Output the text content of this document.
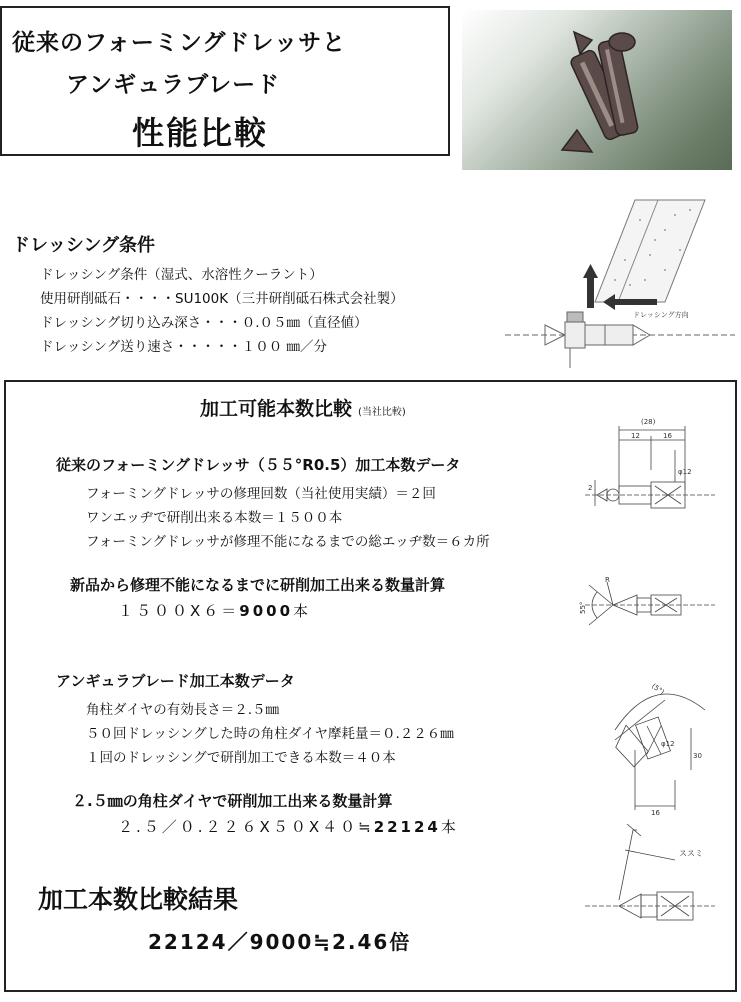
従来のフォーミングドレッサと
アンギュラブレード
性能比較
ドレッシング条件
ドレッシング条件（湿式、水溶性クーラント）
使用研削砥石・・・・SU100K（三井研削砥石株式会社製）
ドレッシング切り込み深さ・・・０.０５㎜（直径値）
ドレッシング送り速さ・・・・・１００ ㎜／分
ドレッシング方向
加工可能本数比較 (当社比較)
従来のフォーミングドレッサ（５５°R0.5）加工本数データ
フォーミングドレッサの修理回数（当社使用実績）＝２回
ワンエッヂで研削出来る本数＝１５００本
フォーミングドレッサが修理不能になるまでの総エッヂ数＝６カ所
新品から修理不能になるまでに研削加工出来る数量計算
１５００X６＝9000本
アンギュラブレード加工本数データ
角柱ダイヤの有効長さ＝２.５㎜
５０回ドレッシングした時の角柱ダイヤ摩耗量＝０.２２６㎜
１回のドレッシングで研削加工できる本数＝４０本
２.５㎜の角柱ダイヤで研削加工出来る数量計算
２.５／０.２２６X５０X４０≒22124本
加工本数比較結果
22124／9000≒2.46倍
(28)
12	16
φ12
2
55°
R
(5°)
16
30
φ12
ススミ
